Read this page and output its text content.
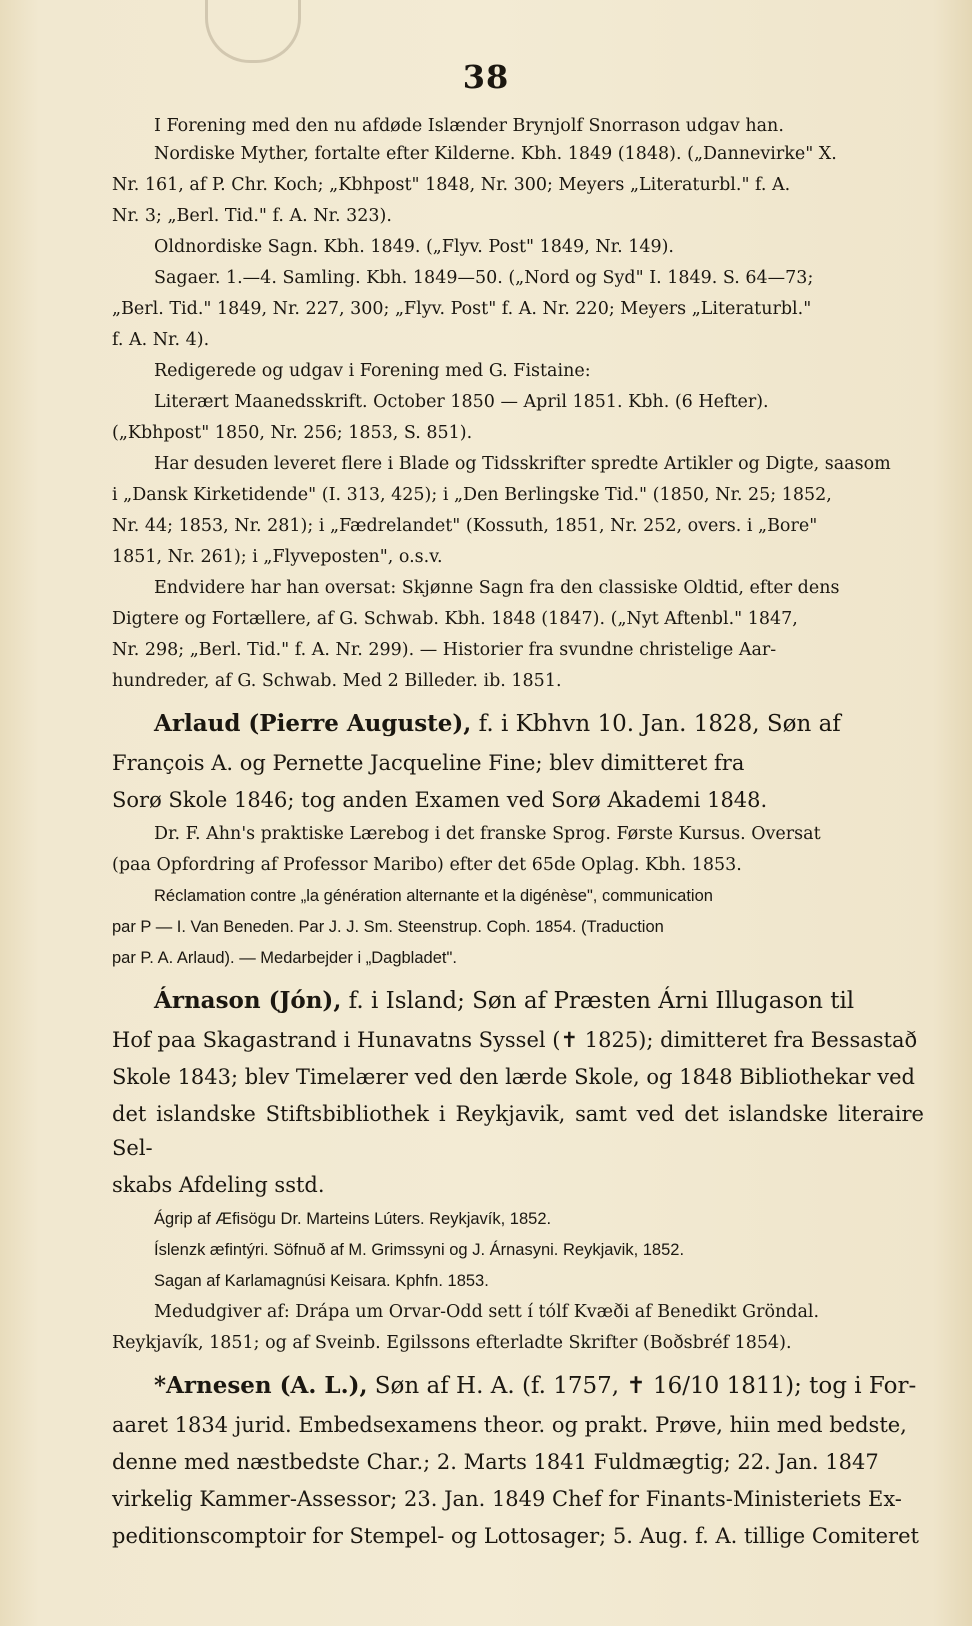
38

I Forening med den nu afdøde Islænder Brynjolf Snorrason udgav han.

Nordiske Myther, fortalte efter Kilderne. Kbh. 1849 (1848). („Dannevirke" X.

Nr. 161, af P. Chr. Koch; „Kbhpost" 1848, Nr. 300; Meyers „Literaturbl." f. A.

Nr. 3; „Berl. Tid." f. A. Nr. 323).

Oldnordiske Sagn. Kbh. 1849. („Flyv. Post" 1849, Nr. 149).

Sagaer. 1.—4. Samling. Kbh. 1849—50. („Nord og Syd" I. 1849. S. 64—73;

„Berl. Tid." 1849, Nr. 227, 300; „Flyv. Post" f. A. Nr. 220; Meyers „Literaturbl."

f. A. Nr. 4).

Redigerede og udgav i Forening med G. Fistaine:

Literært Maanedsskrift. October 1850 — April 1851. Kbh. (6 Hefter).

(„Kbhpost" 1850, Nr. 256; 1853, S. 851).

Har desuden leveret flere i Blade og Tidsskrifter spredte Artikler og Digte, saasom

i „Dansk Kirketidende" (I. 313, 425); i „Den Berlingske Tid." (1850, Nr. 25; 1852,

Nr. 44; 1853, Nr. 281); i „Fædrelandet" (Kossuth, 1851, Nr. 252, overs. i „Bore"

1851, Nr. 261); i „Flyveposten", o.s.v.

Endvidere har han oversat: Skjønne Sagn fra den classiske Oldtid, efter dens

Digtere og Fortællere, af G. Schwab. Kbh. 1848 (1847). („Nyt Aftenbl." 1847,

Nr. 298; „Berl. Tid." f. A. Nr. 299). — Historier fra svundne christelige Aar-

hundreder, af G. Schwab. Med 2 Billeder. ib. 1851.

Arlaud (Pierre Auguste), f. i Kbhvn 10. Jan. 1828, Søn af

François A. og Pernette Jacqueline Fine; blev dimitteret fra

Sorø Skole 1846; tog anden Examen ved Sorø Akademi 1848.

Dr. F. Ahn's praktiske Lærebog i det franske Sprog. Første Kursus. Oversat

(paa Opfordring af Professor Maribo) efter det 65de Oplag. Kbh. 1853.

Réclamation contre „la génération alternante et la digénèse", communication

par P — I. Van Beneden. Par J. J. Sm. Steenstrup. Coph. 1854. (Traduction

par P. A. Arlaud). — Medarbejder i „Dagbladet".

Árnason (Jón), f. i Island; Søn af Præsten Árni Illugason til

Hof paa Skagastrand i Hunavatns Syssel (✝ 1825); dimitteret fra Bessastað

Skole 1843; blev Timelærer ved den lærde Skole, og 1848 Bibliothekar ved

det islandske Stiftsbibliothek i Reykjavik, samt ved det islandske literaire Sel-

skabs Afdeling sstd.

Ágrip af Æfisögu Dr. Marteins Lúters. Reykjavík, 1852.

Íslenzk æfintýri. Söfnuð af M. Grimssyni og J. Árnasyni. Reykjavik, 1852.

Sagan af Karlamagnúsi Keisara. Kphfn. 1853.

Medudgiver af: Drápa um Orvar-Odd sett í tólf Kvæði af Benedikt Gröndal.

Reykjavík, 1851; og af Sveinb. Egilssons efterladte Skrifter (Boðsbréf 1854).

*Arnesen (A. L.), Søn af H. A. (f. 1757, ✝ 16/10 1811); tog i For-

aaret 1834 jurid. Embedsexamens theor. og prakt. Prøve, hiin med bedste,

denne med næstbedste Char.; 2. Marts 1841 Fuldmægtig; 22. Jan. 1847

virkelig Kammer-Assessor; 23. Jan. 1849 Chef for Finants-Ministeriets Ex-

peditionscomptoir for Stempel- og Lottosager; 5. Aug. f. A. tillige Comiteret
